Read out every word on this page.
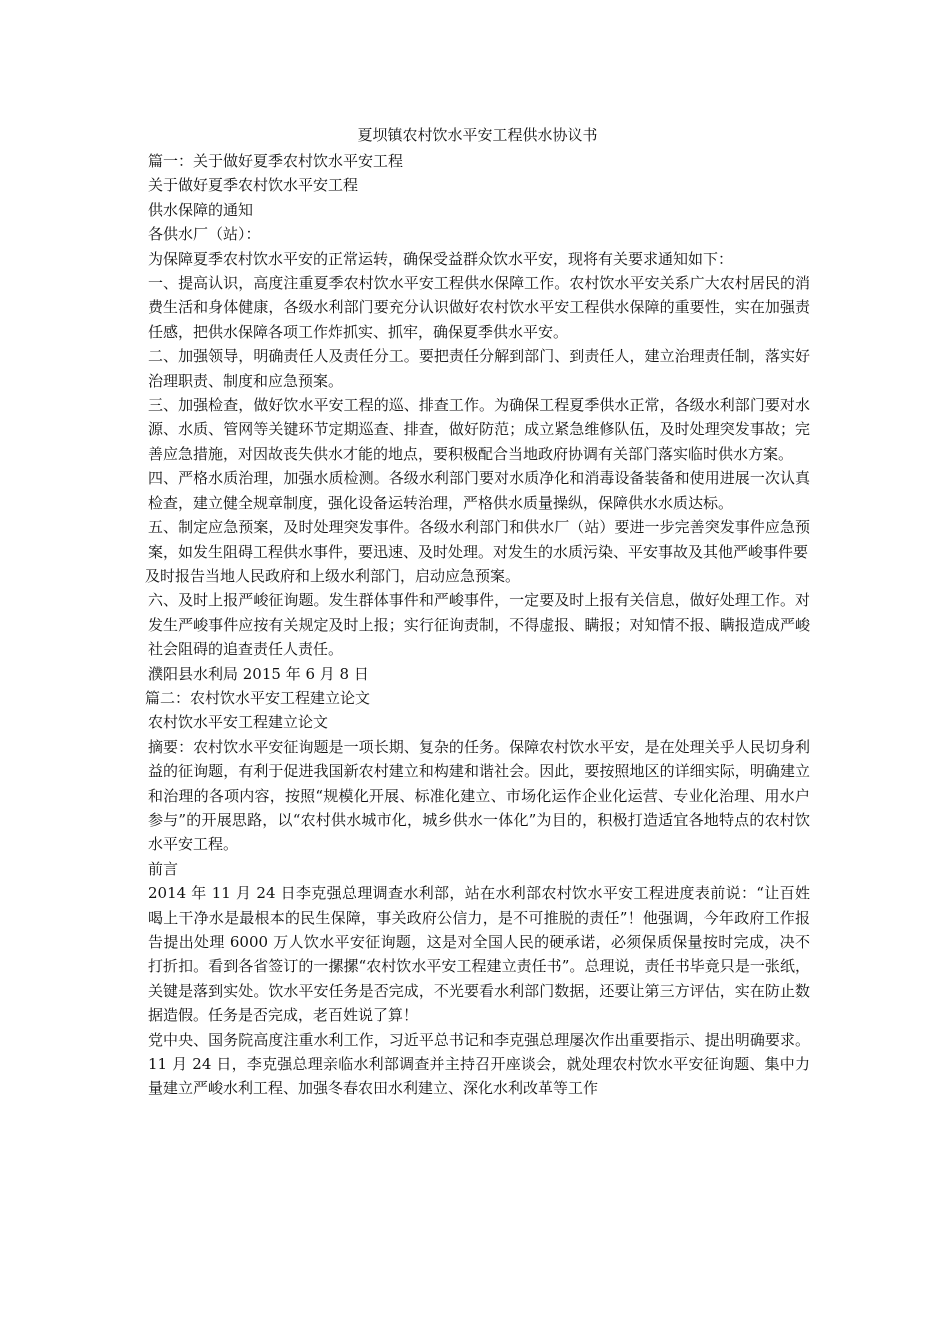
夏坝镇农村饮水平安工程供水协议书

篇一：关于做好夏季农村饮水平安工程

关于做好夏季农村饮水平安工程

供水保障的通知

各供水厂（站）：

为保障夏季农村饮水平安的正常运转，确保受益群众饮水平安，现将有关要求通知如下：

一、提高认识，高度注重夏季农村饮水平安工程供水保障工作。农村饮水平安关系广大农村居民的消费生活和身体健康，各级水利部门要充分认识做好农村饮水平安工程供水保障的重要性，实在加强责任感，把供水保障各项工作炸抓实、抓牢，确保夏季供水平安。

二、加强领导，明确责任人及责任分工。要把责任分解到部门、到责任人，建立治理责任制，落实好治理职责、制度和应急预案。

三、加强检查，做好饮水平安工程的巡、排查工作。为确保工程夏季供水正常，各级水利部门要对水源、水质、管网等关键环节定期巡查、排查，做好防范；成立紧急维修队伍，及时处理突发事故；完善应急措施，对因故丧失供水才能的地点，要积极配合当地政府协调有关部门落实临时供水方案。

四、严格水质治理，加强水质检测。各级水利部门要对水质净化和消毒设备装备和使用进展一次认真检查，建立健全规章制度，强化设备运转治理，严格供水质量操纵，保障供水水质达标。

五、制定应急预案，及时处理突发事件。各级水利部门和供水厂（站）要进一步完善突发事件应急预案，如发生阻碍工程供水事件，要迅速、及时处理。对发生的水质污染、平安事故及其他严峻事件要

及时报告当地人民政府和上级水利部门，启动应急预案。

六、及时上报严峻征询题。发生群体事件和严峻事件，一定要及时上报有关信息，做好处理工作。对发生严峻事件应按有关规定及时上报；实行征询责制，不得虚报、瞒报；对知情不报、瞒报造成严峻社会阻碍的追查责任人责任。

濮阳县水利局 2015 年 6 月 8 日

篇二：农村饮水平安工程建立论文

农村饮水平安工程建立论文

摘要：农村饮水平安征询题是一项长期、复杂的任务。保障农村饮水平安，是在处理关乎人民切身利益的征询题，有利于促进我国新农村建立和构建和谐社会。因此，要按照地区的详细实际，明确建立和治理的各项内容，按照“规模化开展、标准化建立、市场化运作企业化运营、专业化治理、用水户参与”的开展思路，以“农村供水城市化，城乡供水一体化”为目的，积极打造适宜各地特点的农村饮水平安工程。

前言

2014 年 11 月 24 日李克强总理调查水利部，站在水利部农村饮水平安工程进度表前说：“让百姓喝上干净水是最根本的民生保障，事关政府公信力，是不可推脱的责任”！他强调，今年政府工作报告提出处理 6000 万人饮水平安征询题，这是对全国人民的硬承诺，必须保质保量按时完成，决不打折扣。看到各省签订的一摞摞“农村饮水平安工程建立责任书”。总理说，责任书毕竟只是一张纸，关键是落到实处。饮水平安任务是否完成，不光要看水利部门数据，还要让第三方评估，实在防止数据造假。任务是否完成，老百姓说了算！

党中央、国务院高度注重水利工作，习近平总书记和李克强总理屡次作出重要指示、提出明确要求。11 月 24 日，李克强总理亲临水利部调查并主持召开座谈会，就处理农村饮水平安征询题、集中力量建立严峻水利工程、加强冬春农田水利建立、深化水利改革等工作
